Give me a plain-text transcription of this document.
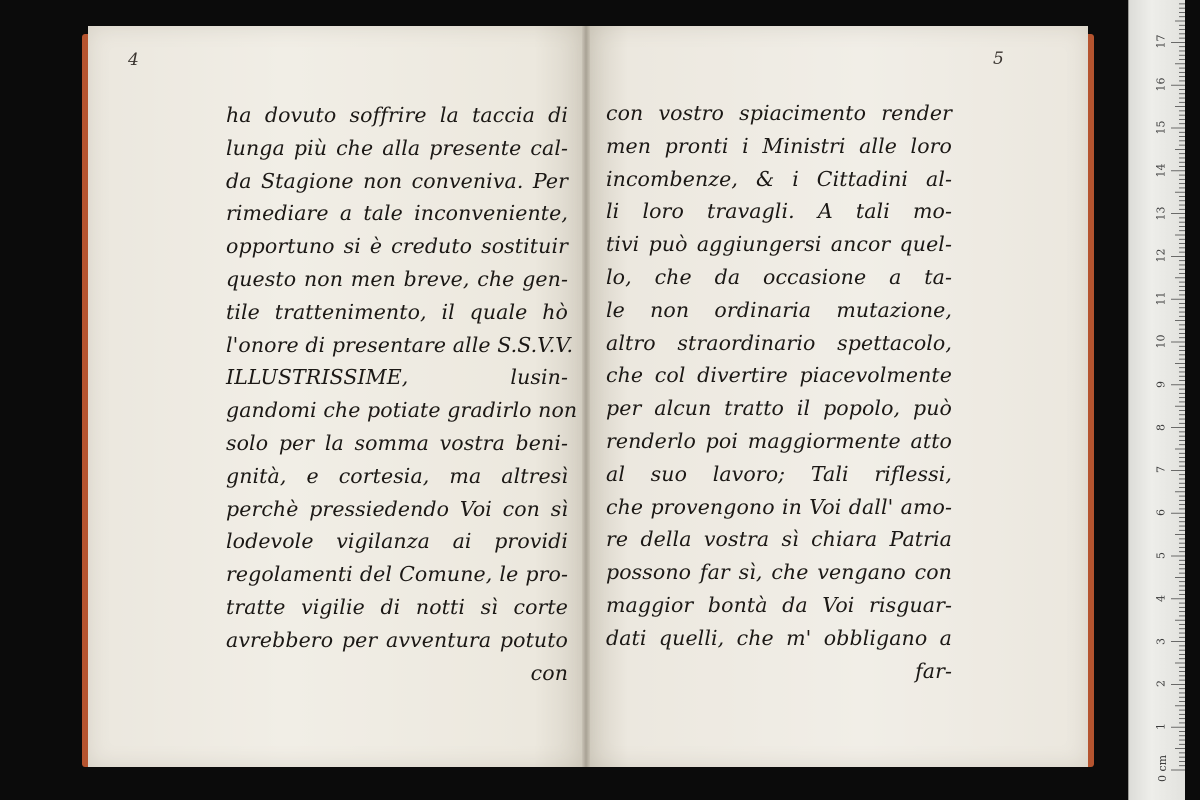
4	5
ha dovuto soffrire la taccia di
lunga più che alla presente cal-
da Stagione non conveniva. Per
rimediare a tale inconveniente,
opportuno si è creduto sostituir
questo non men breve, che gen-
tile trattenimento, il quale hò
l'onore di presentare alle S.S.V.V.
ILLUSTRISSIME, lusin-
gandomi che potiate gradirlo non
solo per la somma vostra beni-
gnità, e cortesia, ma altresì
perchè pressiedendo Voi con sì
lodevole vigilanza ai providi
regolamenti del Comune, le pro-
tratte vigilie di notti sì corte
avrebbero per avventura potuto
con
con vostro spiacimento render
men pronti i Ministri alle loro
incombenze, & i Cittadini al-
li loro travagli. A tali mo-
tivi può aggiungersi ancor quel-
lo, che da occasione a ta-
le non ordinaria mutazione,
altro straordinario spettacolo,
che col divertire piacevolmente
per alcun tratto il popolo, può
renderlo poi maggiormente atto
al suo lavoro; Tali riflessi,
che provengono in Voi dall' amo-
re della vostra sì chiara Patria
possono far sì, che vengano con
maggior bontà da Voi risguar-
dati quelli, che m' obbligano a
far-
1
2
3
4
5
6
7
8
9
10
11
12
13
14
15
16
17
0 cm
